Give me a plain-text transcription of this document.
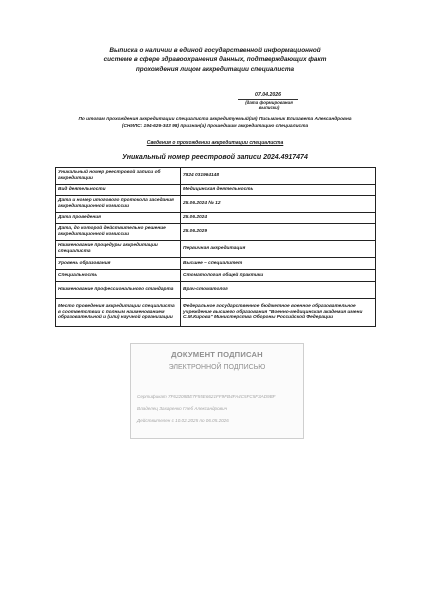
Выписка о наличии в единой государственной информационной
системе в сфере здравоохранения данных, подтверждающих факт
прохождения лицом аккредитации специалиста
07.04.2026
(дата формирования выписки)
По итогам прохождения аккредитации специалиста аккредитуемый(ая) Письманик Елизавета Александровна
(СНИЛС: 194-626-343 98) признан(а) прошедшим аккредитацию специалиста
Сведения о прохождении аккредитации специалиста
Уникальный номер реестровой записи 2024.4917474
Уникальный номер реестровой записи об аккредитации	7824 031964148
Вид деятельности	Медицинская деятельность
Дата и номер итогового протокола заседания аккредитационной комиссии	25.06.2024 № 12
Дата проведения	25.06.2024
Дата, до которой действительно решение аккредитационной комиссии	25.06.2029
Наименование процедуры аккредитации специалиста	Первичная аккредитация
Уровень образования	Высшее – специалитет
Специальность	Стоматология общей практики
Наименование профессионального стандарта	Врач-стоматолог
Место проведения аккредитации специалиста в соответствии с полным наименованием образовательной и (или) научной организации	Федеральное государственное бюджетное военное образовательное учреждение высшего образования "Военно-медицинская академия имени С.М.Кирова" Министерства Обороны Российской Федерации
ДОКУМЕНТ ПОДПИСАН
ЭЛЕКТРОННОЙ ПОДПИСЬЮ
Сертификат 7F62208BE7F55E6621FF9FB4FA4C5FC5F3AD9BF
Владелец Захаренко Глеб Александрович
Действителен с 10.02.2025 по 06.05.2026
